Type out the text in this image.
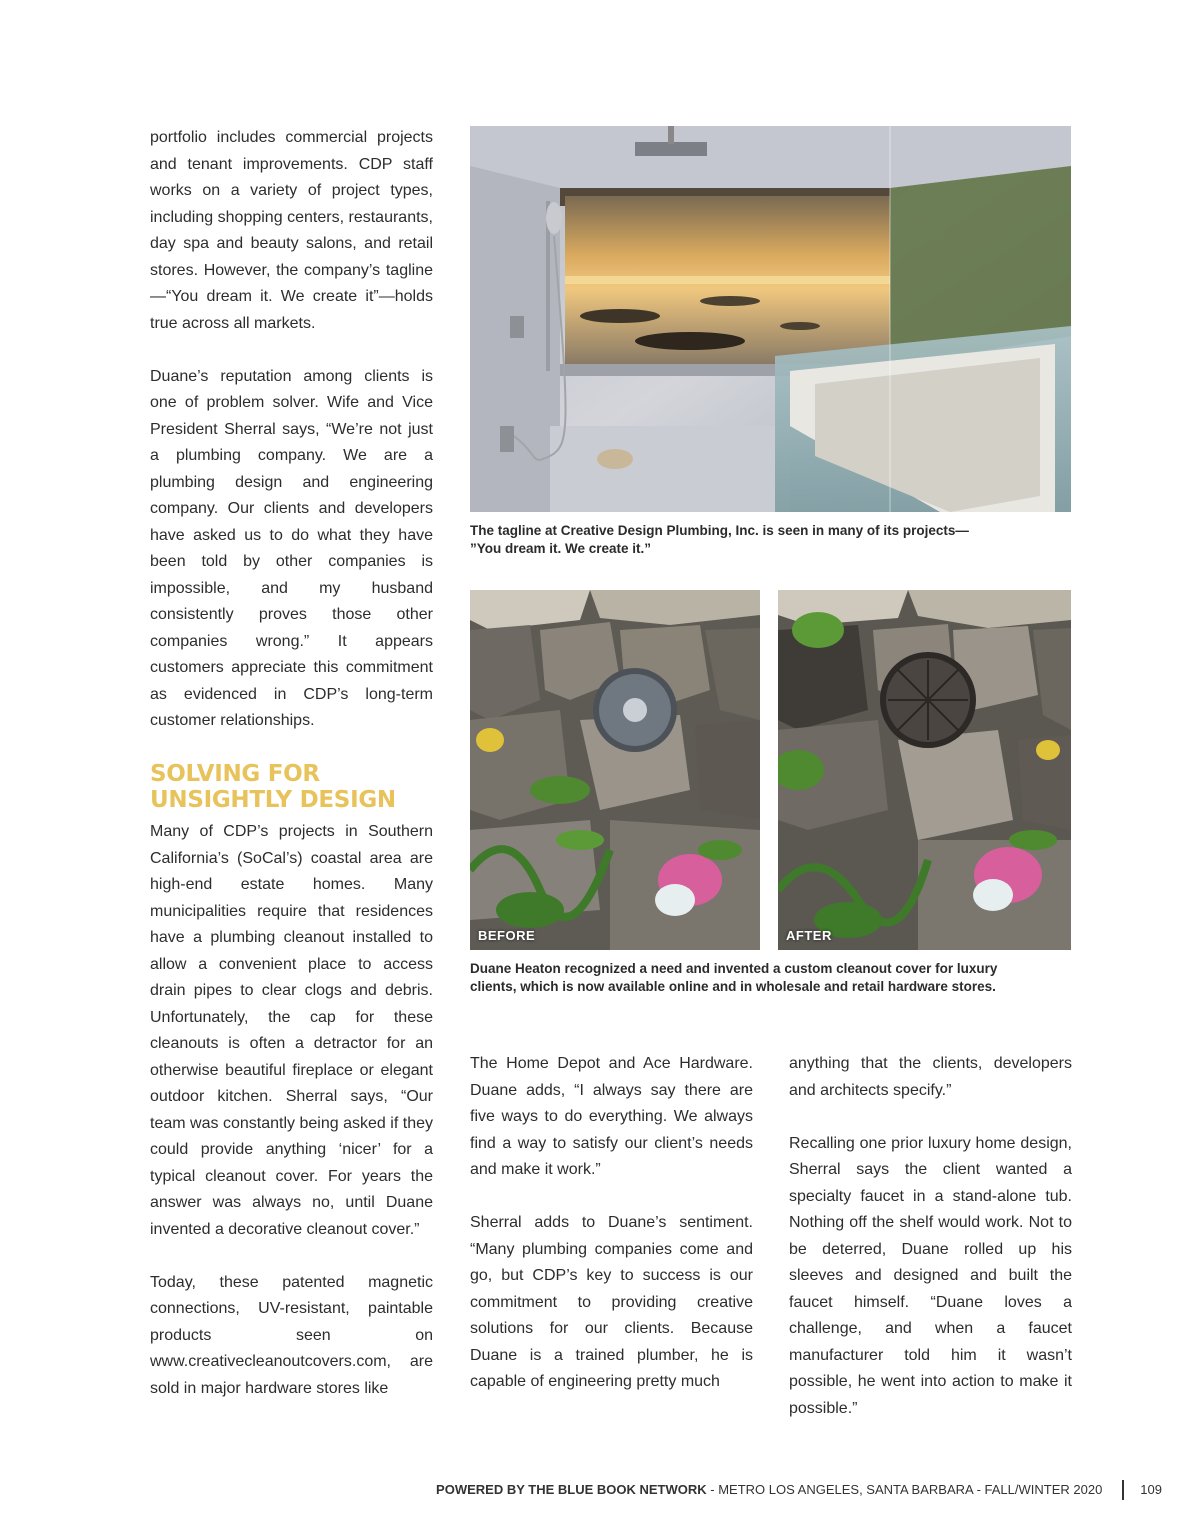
portfolio includes commercial projects and tenant improvements. CDP staff works on a variety of project types, including shopping centers, restaurants, day spa and beauty salons, and retail stores. However, the company’s tagline—“You dream it. We create it”—holds true across all markets.

Duane’s reputation among clients is one of problem solver. Wife and Vice President Sherral says, “We’re not just a plumbing company. We are a plumbing design and engineering company. Our clients and developers have asked us to do what they have been told by other companies is impossible, and my husband consistently proves those other companies wrong.” It appears customers appreciate this commitment as evidenced in CDP’s long-term customer relationships.

SOLVING FOR
UNSIGHTLY DESIGN

Many of CDP’s projects in Southern California’s (SoCal’s) coastal area are high-end estate homes. Many municipalities require that residences have a plumbing cleanout installed to allow a convenient place to access drain pipes to clear clogs and debris. Unfortunately, the cap for these cleanouts is often a detractor for an otherwise beautiful fireplace or elegant outdoor kitchen. Sherral says, “Our team was constantly being asked if they could provide anything ‘nicer’ for a typical cleanout cover. For years the answer was always no, until Duane invented a decorative cleanout cover.”

Today, these patented magnetic connections, UV-resistant, paintable products seen on www.creativecleanoutcovers.com, are sold in major hardware stores like

The tagline at Creative Design Plumbing, Inc. is seen in many of its projects—
”You dream it. We create it.”
BEFORE	AFTER
Duane Heaton recognized a need and invented a custom cleanout cover for luxury
clients, which is now available online and in wholesale and retail hardware stores.

The Home Depot and Ace Hardware. Duane adds, “I always say there are five ways to do everything. We always find a way to satisfy our client’s needs and make it work.”

Sherral adds to Duane’s sentiment. “Many plumbing companies come and go, but CDP’s key to success is our commitment to providing creative solutions for our clients. Because Duane is a trained plumber, he is capable of engineering pretty much

anything that the clients, developers and architects specify.”

Recalling one prior luxury home design, Sherral says the client wanted a specialty faucet in a stand-alone tub. Nothing off the shelf would work. Not to be deterred, Duane rolled up his sleeves and designed and built the faucet himself. “Duane loves a challenge, and when a faucet manufacturer told him it wasn’t possible, he went into action to make it possible.”

POWERED BY THE BLUE BOOK NETWORK - METRO LOS ANGELES, SANTA BARBARA - FALL/WINTER 2020	109
